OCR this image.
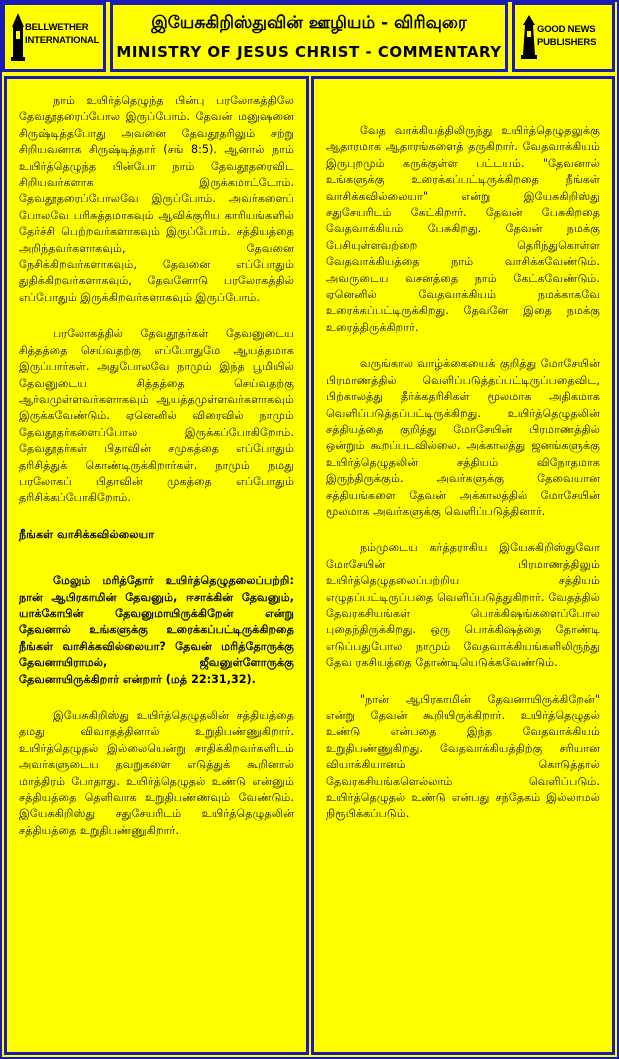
BELLWETHER
INTERNATIONAL
இயேசுகிறிஸ்துவின் ஊழியம் - விரிவுரை
MINISTRY OF JESUS CHRIST - COMMENTARY
GOOD NEWS
PUBLISHERS

நாம் உயிர்த்தெழுந்த பின்பு பரலோகத்திலே தேவதூதரைப்போல இருப்போம். தேவன் மனுஷனை சிருஷ்டித்தபோது அவனை தேவதூதரிலும் சற்று சிறியவனாக சிருஷ்டித்தார் (சங் 8:5). ஆனால் நாம் உயிர்த்தெழுந்த பின்போ நாம் தேவதூதரைவிட சிறியவர்களாக இருக்கமாட்டோம். தேவதூதரைப்போலவே இருப்போம். அவர்களைப் போலவே பரிசுத்தமாகவும் ஆவிக்குரிய காரியங்களில் தேர்ச்சி பெற்றவர்களாகவும் இருப்போம். சத்தியத்தை அறிந்தவர்களாகவும், தேவனை நேசிக்கிறவர்களாகவும், தேவனை எப்போதும் துதிக்கிறவர்களாகவும், தேவனோடு பரலோகத்தில் எப்போதும் இருக்கிறவர்களாகவும் இருப்போம்.

பரலோகத்தில் தேவதூதர்கள் தேவனுடைய சித்தத்தை செய்வதற்கு எப்போதுமே ஆயத்தமாக இருப்பார்கள். அதுபோலவே நாமும் இந்த பூமியில் தேவனுடைய சித்தத்தை செய்வதற்கு ஆர்வமுள்ளவர்களாகவும் ஆயத்தமுள்ளவர்களாகவும் இருக்கவேண்டும். ஏனெனில் விரைவில் நாமும் தேவதூதர்களைப்போல இருக்கப்போகிறோம். தேவதூதர்கள் பிதாவின் சமுகத்தை எப்போதும் தரிசித்துக் கொண்டிருக்கிறார்கள். நாமும் நமது பரலோகப் பிதாவின் முகத்தை எப்போதும் தரிசிக்கப்போகிறோம்.

நீங்கள் வாசிக்கவில்லையா

மேலும் மரித்தோர் உயிர்த்தெழுதலைப்பற்றி: நான் ஆபிரகாமின் தேவனும், ஈசாக்கின் தேவனும், யாக்கோபின் தேவனுமாயிருக்கிறேன் என்று தேவனால் உங்களுக்கு உரைக்கப்பட்டிருக்கிறதை நீங்கள் வாசிக்கவில்லையா? தேவன் மரித்தோருக்கு தேவனாயிராமல், ஜீவனுள்ளோருக்கு தேவனாயிருக்கிறார் என்றார் (மத் 22:31,32).

இயேசுகிறிஸ்து உயிர்த்தெழுதலின் சத்தியத்தை தமது விவாதத்தினால் உறுதிபண்ணுகிறார். உயிர்த்தெழுதல் இல்லையென்று சாதிக்கிறவர்களிடம் அவர்களுடைய தவறுகளை எடுத்துக் கூறினால் மாத்திரம் போதாது. உயிர்த்தெழுதல் உண்டு என்னும் சத்தியத்தை தெளிவாக உறுதிபண்ணவும் வேண்டும். இயேசுகிறிஸ்து சதுசேயரிடம் உயிர்த்தெழுதலின் சத்தியத்தை உறுதிபண்ணுகிறார்.

வேத வாக்கியத்திலிருந்து உயிர்த்தெழுதலுக்கு ஆதாரமாக ஆதாரங்களைத் தருகிறார். வேதவாக்கியம் இருபுறமும் கருக்குள்ள பட்டயம். "தேவனால் உங்களுக்கு உரைக்கப்பட்டிருக்கிறதை நீங்கள் வாசிக்கவில்லையா" என்று இயேசுகிறிஸ்து சதுசேயரிடம் கேட்கிறார். தேவன் பேசுகிறதை வேதவாக்கியம் பேசுகிறது. தேவன் நமக்கு பேசியுள்ளவற்றை தெரிந்துகொள்ள வேதவாக்கியத்தை நாம் வாசிக்கவேண்டும். அவருடைய வசனத்தை நாம் கேட்கவேண்டும். ஏனெனில் வேதவாக்கியம் நமக்காகவே உரைக்கப்பட்டிருக்கிறது. தேவனே இதை நமக்கு உரைத்திருக்கிறார்.

வருங்கால வாழ்க்கையைக் குறித்து மோசேயின் பிரமாணத்தில் வெளிப்படுத்தப்பட்டிருப்பதைவிட, பிற்காலத்து தீர்க்கதரிசிகள் மூலமாக அதிகமாக வெளிப்படுத்தப்பட்டிருக்கிறது. உயிர்த்தெழுதலின் சத்தியத்தை குறித்து மோசேயின் பிரமாணத்தில் ஒன்றும் கூறப்படவில்லை. அக்காலத்து ஜனங்களுக்கு உயிர்த்தெழுதலின் சத்தியம் விநோதமாக இருந்திருக்கும். அவர்களுக்கு தேவையான சத்தியங்களை தேவன் அக்காலத்தில் மோசேயின் மூலமாக அவர்களுக்கு வெளிப்படுத்தினார்.

நம்முடைய கர்த்தராகிய இயேசுகிறிஸ்துவோ மோசேயின் பிரமாணத்திலும் உயிர்த்தெழுதலைப்பற்றிய சத்தியம் எழுதப்பட்டிருப்பதை வெளிப்படுத்துகிறார். வேதத்தில் தேவரகசியங்கள் பொக்கிஷங்களைப்போல புதைந்திருக்கிறது. ஒரு பொக்கிஷத்தை தோண்டி எடுப்பதுபோல நாமும் வேதவாக்கியங்களிலிருந்து தேவ ரகசியத்தை தோண்டியெடுக்கவேண்டும்.

"நான் ஆபிரகாமின் தேவனாயிருக்கிறேன்" என்று தேவன் கூறியிருக்கிறார். உயிர்த்தெழுதல் உண்டு என்பதை இந்த வேதவாக்கியம் உறுதிபண்ணுகிறது. வேதவாக்கியத்திற்கு சரியான வியாக்கியானம் கொடுத்தால் தேவரகசியங்களெல்லாம் வெளிப்படும். உயிர்த்தெழுதல் உண்டு என்பது சந்தேகம் இல்லாமல் நிரூபிக்கப்படும்.
